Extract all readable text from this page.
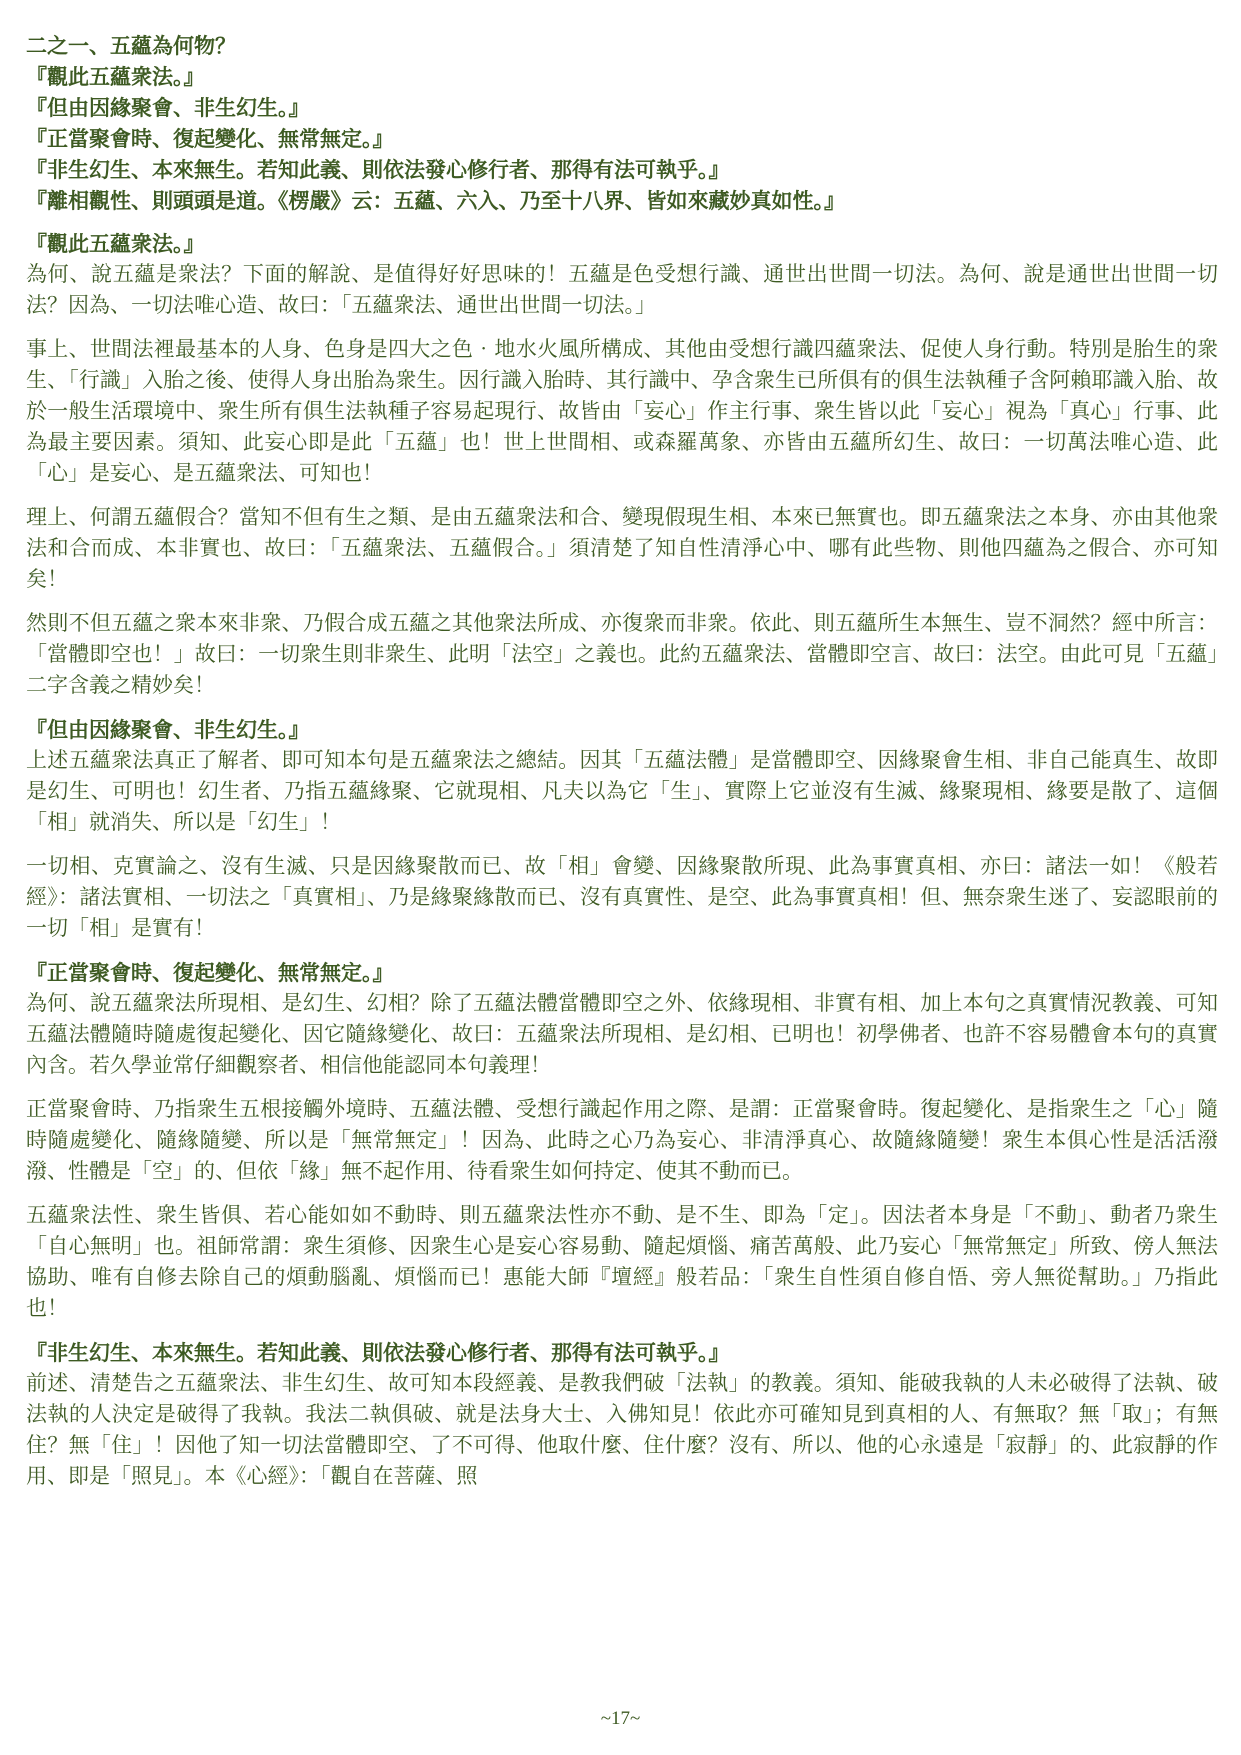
二之一、五蘊為何物？

『觀此五蘊衆法。』

『但由因緣聚會、非生幻生。』

『正當聚會時、復起變化、無常無定。』

『非生幻生、本來無生。若知此義、則依法發心修行者、那得有法可執乎。』

『離相觀性、則頭頭是道。《楞嚴》云：五蘊、六入、乃至十八界、皆如來藏妙真如性。』

『觀此五蘊衆法。』

為何、說五蘊是衆法？下面的解說、是值得好好思味的！五蘊是色受想行識、通世出世間一切法。為何、說是通世出世間一切法？因為、一切法唯心造、故曰：「五蘊衆法、通世出世間一切法。」

事上、世間法裡最基本的人身、色身是四大之色‧地水火風所構成、其他由受想行識四蘊衆法、促使人身行動。特別是胎生的衆生、「行識」入胎之後、使得人身出胎為衆生。因行識入胎時、其行識中、孕含衆生已所俱有的俱生法執種子含阿賴耶識入胎、故於一般生活環境中、衆生所有俱生法執種子容易起現行、故皆由「妄心」作主行事、衆生皆以此「妄心」視為「真心」行事、此為最主要因素。須知、此妄心即是此「五蘊」也！世上世間相、或森羅萬象、亦皆由五蘊所幻生、故曰：一切萬法唯心造、此「心」是妄心、是五蘊衆法、可知也！

理上、何謂五蘊假合？當知不但有生之類、是由五蘊衆法和合、變現假現生相、本來已無實也。即五蘊衆法之本身、亦由其他衆法和合而成、本非實也、故曰：「五蘊衆法、五蘊假合。」須清楚了知自性清淨心中、哪有此些物、則他四蘊為之假合、亦可知矣！

然則不但五蘊之衆本來非衆、乃假合成五蘊之其他衆法所成、亦復衆而非衆。依此、則五蘊所生本無生、豈不洞然？經中所言：「當體即空也！」故曰：一切衆生則非衆生、此明「法空」之義也。此約五蘊衆法、當體即空言、故曰：法空。由此可見「五蘊」二字含義之精妙矣！

『但由因緣聚會、非生幻生。』

上述五蘊衆法真正了解者、即可知本句是五蘊衆法之總結。因其「五蘊法體」是當體即空、因緣聚會生相、非自己能真生、故即是幻生、可明也！幻生者、乃指五蘊緣聚、它就現相、凡夫以為它「生」、實際上它並沒有生滅、緣聚現相、緣要是散了、這個「相」就消失、所以是「幻生」！

一切相、克實論之、沒有生滅、只是因緣聚散而已、故「相」會變、因緣聚散所現、此為事實真相、亦曰：諸法一如！《般若經》：諸法實相、一切法之「真實相」、乃是緣聚緣散而已、沒有真實性、是空、此為事實真相！但、無奈衆生迷了、妄認眼前的一切「相」是實有！

『正當聚會時、復起變化、無常無定。』

為何、說五蘊衆法所現相、是幻生、幻相？除了五蘊法體當體即空之外、依緣現相、非實有相、加上本句之真實情況教義、可知五蘊法體隨時隨處復起變化、因它隨緣變化、故曰：五蘊衆法所現相、是幻相、已明也！初學佛者、也許不容易體會本句的真實內含。若久學並常仔細觀察者、相信他能認同本句義理！

正當聚會時、乃指衆生五根接觸外境時、五蘊法體、受想行識起作用之際、是謂：正當聚會時。復起變化、是指衆生之「心」隨時隨處變化、隨緣隨變、所以是「無常無定」！因為、此時之心乃為妄心、非清淨真心、故隨緣隨變！衆生本俱心性是活活潑潑、性體是「空」的、但依「緣」無不起作用、待看衆生如何持定、使其不動而已。

五蘊衆法性、衆生皆俱、若心能如如不動時、則五蘊衆法性亦不動、是不生、即為「定」。因法者本身是「不動」、動者乃衆生「自心無明」也。祖師常謂：衆生須修、因衆生心是妄心容易動、隨起煩惱、痛苦萬般、此乃妄心「無常無定」所致、傍人無法協助、唯有自修去除自己的煩動腦亂、煩惱而已！惠能大師『壇經』般若品：「衆生自性須自修自悟、旁人無從幫助。」乃指此也！

『非生幻生、本來無生。若知此義、則依法發心修行者、那得有法可執乎。』

前述、清楚告之五蘊衆法、非生幻生、故可知本段經義、是教我們破「法執」的教義。須知、能破我執的人未必破得了法執、破法執的人決定是破得了我執。我法二執俱破、就是法身大士、入佛知見！依此亦可確知見到真相的人、有無取？無「取」；有無住？無「住」！因他了知一切法當體即空、了不可得、他取什麼、住什麼？沒有、所以、他的心永遠是「寂靜」的、此寂靜的作用、即是「照見」。本《心經》：「觀自在菩薩、照

~17~
